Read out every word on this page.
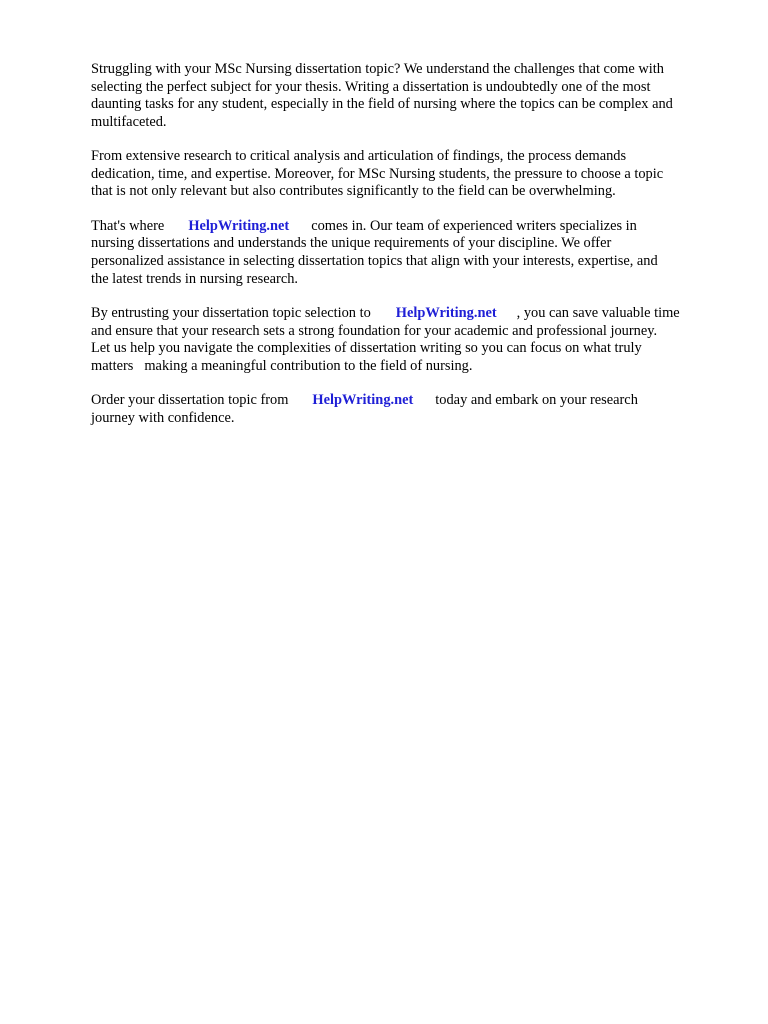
Struggling with your MSc Nursing dissertation topic? We understand the challenges that come with
selecting the perfect subject for your thesis. Writing a dissertation is undoubtedly one of the most
daunting tasks for any student, especially in the field of nursing where the topics can be complex and
multifaceted.

From extensive research to critical analysis and articulation of findings, the process demands
dedication, time, and expertise. Moreover, for MSc Nursing students, the pressure to choose a topic
that is not only relevant but also contributes significantly to the field can be overwhelming.

That's where HelpWriting.net comes in. Our team of experienced writers specializes in
nursing dissertations and understands the unique requirements of your discipline. We offer
personalized assistance in selecting dissertation topics that align with your interests, expertise, and
the latest trends in nursing research.

By entrusting your dissertation topic selection to HelpWriting.net , you can save valuable time
and ensure that your research sets a strong foundation for your academic and professional journey.
Let us help you navigate the complexities of dissertation writing so you can focus on what truly
matters making a meaningful contribution to the field of nursing.

Order your dissertation topic from HelpWriting.net today and embark on your research
journey with confidence.
